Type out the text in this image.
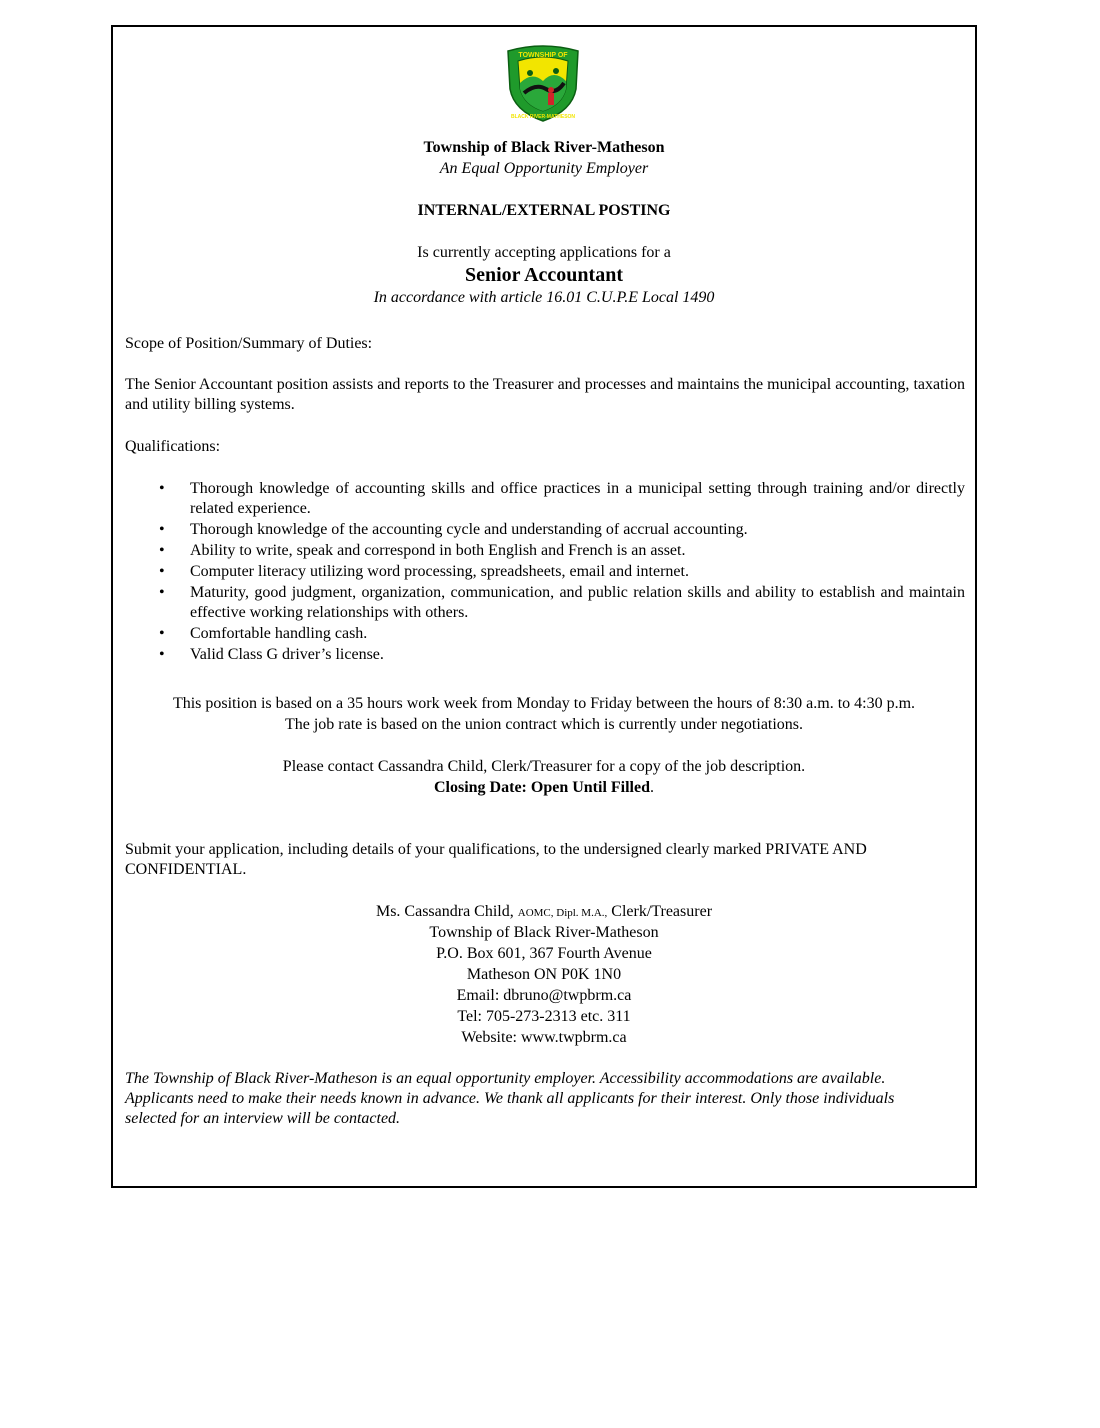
TOWNSHIP OF
BLACK RIVER-MATHESON
Township of Black River-Matheson
An Equal Opportunity Employer
INTERNAL/EXTERNAL POSTING
Is currently accepting applications for a
Senior Accountant
In accordance with article 16.01 C.U.P.E Local 1490
Scope of Position/Summary of Duties:
The Senior Accountant position assists and reports to the Treasurer and processes and maintains the municipal accounting, taxation and utility billing systems.
Qualifications:
• Thorough knowledge of accounting skills and office practices in a municipal setting through training and/or directly related experience.
• Thorough knowledge of the accounting cycle and understanding of accrual accounting.
• Ability to write, speak and correspond in both English and French is an asset.
• Computer literacy utilizing word processing, spreadsheets, email and internet.
• Maturity, good judgment, organization, communication, and public relation skills and ability to establish and maintain effective working relationships with others.
• Comfortable handling cash.
• Valid Class G driver’s license.
This position is based on a 35 hours work week from Monday to Friday between the hours of 8:30 a.m. to 4:30 p.m.
The job rate is based on the union contract which is currently under negotiations.
Please contact Cassandra Child, Clerk/Treasurer for a copy of the job description.
Closing Date: Open Until Filled.
Submit your application, including details of your qualifications, to the undersigned clearly marked PRIVATE AND CONFIDENTIAL.
Ms. Cassandra Child, AOMC, Dipl. M.A., Clerk/Treasurer
Township of Black River-Matheson
P.O. Box 601, 367 Fourth Avenue
Matheson ON P0K 1N0
Email: dbruno@twpbrm.ca
Tel: 705-273-2313 etc. 311
Website: www.twpbrm.ca
The Township of Black River-Matheson is an equal opportunity employer. Accessibility accommodations are available. Applicants need to make their needs known in advance. We thank all applicants for their interest. Only those individuals selected for an interview will be contacted.
